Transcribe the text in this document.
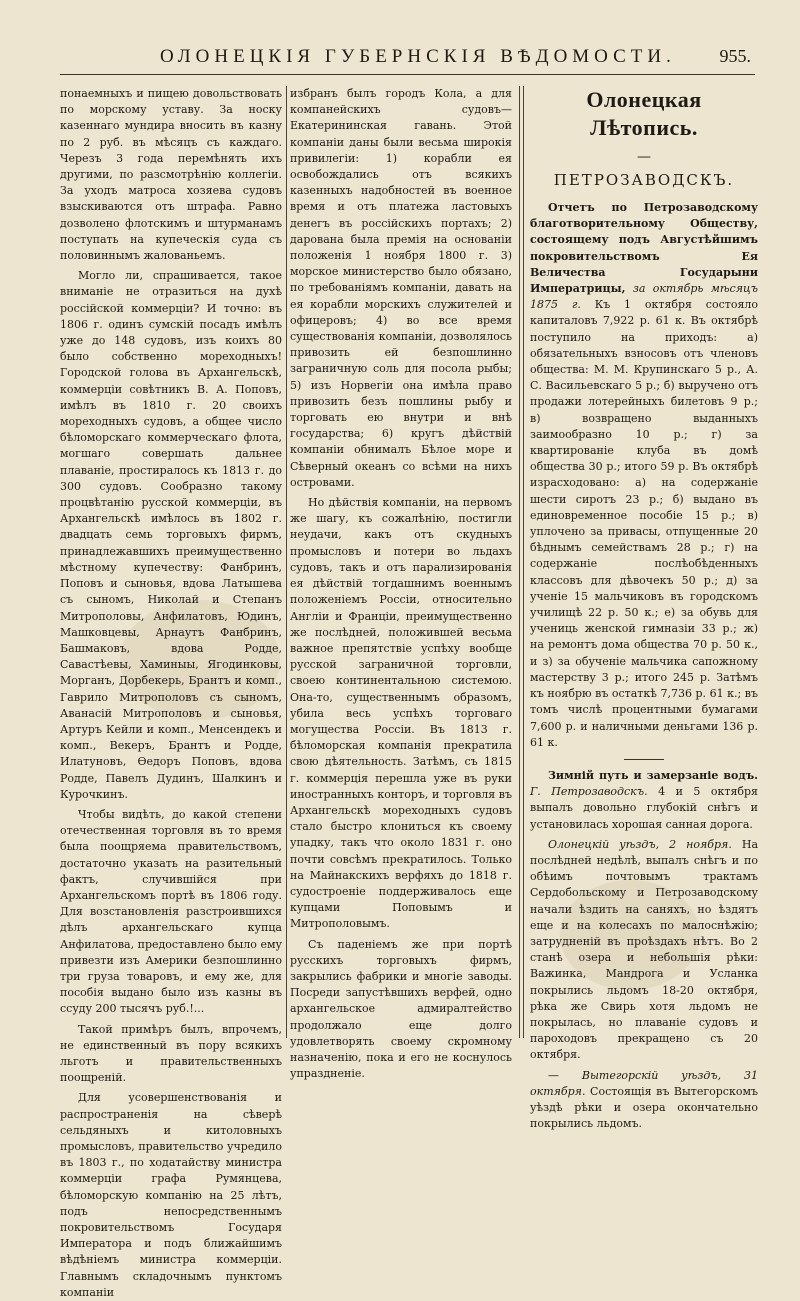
ОЛОНЕЦКІЯ ГУБЕРНСКІЯ ВѢДОМОСТИ. 955.

понаемныхъ и пищею довольствовать по морскому уставу. За носку казеннаго мундира вносить въ казну по 2 руб. въ мѣсяцъ съ каждаго. Черезъ 3 года перемѣнять ихъ другими, по разсмотрѣнію коллегіи. За уходъ матроса хозяева судовъ взыскиваются отъ штрафа. Равно дозволено флотскимъ и штурманамъ поступать на купеческія суда съ половиннымъ жалованьемъ.

Могло ли, спрашивается, такое вниманіе не отразиться на духѣ россійской коммерціи? И точно: въ 1806 г. одинъ сумскій посадъ имѣлъ уже до 148 судовъ, изъ коихъ 80 было собственно мореходныхъ! Городской голова въ Архангельскѣ, коммерціи совѣтникъ В. А. Поповъ, имѣлъ въ 1810 г. 20 своихъ мореходныхъ судовъ, а общее число бѣломорскаго коммерческаго флота, могшаго совершать дальнее плаваніе, простиралось къ 1813 г. до 300 судовъ. Сообразно такому процвѣтанію русской коммерціи, въ Архангельскѣ имѣлось въ 1802 г. двадцать семь торговыхъ фирмъ, принадлежавшихъ преимущественно мѣстному купечеству: Фанбринъ, Поповъ и сыновья, вдова Латышева съ сыномъ, Николай и Степанъ Митрополовы, Анфилатовъ, Юдинъ, Машковцевы, Арнаутъ Фанбринъ, Башмаковъ, вдова Родде, Савастѣевы, Хаминыы, Ягодинковы, Морганъ, Дорбекерь, Брантъ и комп., Гаврило Митрополовъ съ сыномъ, Аванасій Митрополовъ и сыновья, Артуръ Кейли и комп., Менсендекъ и комп., Векеръ, Брантъ и Родде, Илатуновъ, Ѳедоръ Поповъ, вдова Родде, Павелъ Дудинъ, Шалкинъ и Курочкинъ.

Чтобы видѣть, до какой степени отечественная торговля въ то время была поощряема правительствомъ, достаточно указать на разительный фактъ, случившійся при Архангельскомъ портѣ въ 1806 году. Для возстановленія разстроившихся дѣлъ архангельскаго купца Анфилатова, предоставлено было ему привезти изъ Америки безпошлинно три груза товаровъ, и ему же, для пособія выдано было изъ казны въ ссуду 200 тысячъ руб.!...

Такой примѣръ былъ, впрочемъ, не единственный въ пору всякихъ льготъ и правительственныхъ поощреній.

Для усовершенствованія и распространенія на сѣверѣ сельдяныхъ и китоловныхъ промысловъ, правительство учредило въ 1803 г., по ходатайству министра коммерціи графа Румянцева, бѣломорскую компанію на 25 лѣтъ, подъ непосредственнымъ покровительствомъ Государя Императора и подъ ближайшимъ вѣдѣніемъ министра коммерціи. Главнымъ складочнымъ пунктомъ компаніи

избранъ былъ городъ Кола, а для компанейскихъ судовъ—Екатерининская гавань. Этой компаніи даны были весьма широкія привилегіи: 1) корабли ея освобождались отъ всякихъ казенныхъ надобностей въ военное время и отъ платежа ластовыхъ денегъ въ россійскихъ портахъ; 2) дарована была премія на основаніи положенія 1 ноября 1800 г. 3) морское министерство было обязано, по требованіямъ компаніи, давать на ея корабли морскихъ служителей и офицеровъ; 4) во все время существованія компаніи, дозволялось привозить ей безпошлинно заграничную соль для посола рыбы; 5) изъ Норвегіи она имѣла право привозить безъ пошлины рыбу и торговать ею внутри и внѣ государства; 6) кругъ дѣйствій компаніи обнималъ Бѣлое море и Сѣверный океанъ со всѣми на нихъ островами.

Но дѣйствія компаніи, на первомъ же шагу, къ сожалѣнію, постигли неудачи, какъ отъ скудныхъ промысловъ и потери во льдахъ судовъ, такъ и отъ парализированія ея дѣйствій тогдашнимъ военнымъ положеніемъ Россіи, относительно Англіи и Франціи, преимущественно же послѣдней, положившей весьма важное препятствіе успѣху вообще русской заграничной торговли, своею континентальною системою. Она-то, существеннымъ образомъ, убила весь успѣхъ торговаго могущества Россіи. Въ 1813 г. бѣломорская компанія прекратила свою дѣятельность. Затѣмъ, съ 1815 г. коммерція перешла уже въ руки иностранныхъ конторъ, и торговля въ Архангельскѣ мореходныхъ судовъ стало быстро клониться къ своему упадку, такъ что около 1831 г. оно почти совсѣмъ прекратилось. Только на Майнакскихъ верфяхъ до 1818 г. судостроеніе поддерживалось еще купцами Поповымъ и Митрополовымъ.

Съ паденіемъ же при портѣ русскихъ торговыхъ фирмъ, закрылись фабрики и многіе заводы. Посреди запустѣвшихъ верфей, одно архангельское адмиралтейство продолжало еще долго удовлетворять своему скромному назначенію, пока и его не коснулось упраздненіе.

Олонецкая Лѣтопись.
—
ПЕТРОЗАВОДСКЪ.

Отчетъ по Петрозаводскому благотворительному Обществу, состоящему подъ Августѣйшимъ покровительствомъ Ея Величества Государыни Императрицы, за октябрь мѣсяцъ 1875 г. Къ 1 октября состояло капиталовъ 7,922 р. 61 к. Въ октябрѣ поступило на приходъ: а) обязательныхъ взносовъ отъ членовъ общества: М. М. Крупинскаго 5 р., А. С. Васильевскаго 5 р.; б) выручено отъ продажи лотерейныхъ билетовъ 9 р.; в) возвращено выданныхъ заимообразно 10 р.; г) за квартированіе клуба въ домѣ общества 30 р.; итого 59 р. Въ октябрѣ израсходовано: а) на содержаніе шести сиротъ 23 р.; б) выдано въ единовременное пособіе 15 р.; в) уплочено за привасы, отпущенные 20 бѣднымъ семействамъ 28 р.; г) на содержаніе послѣобѣденныхъ классовъ для дѣвочекъ 50 р.; д) за ученіе 15 мальчиковъ въ городскомъ училищѣ 22 р. 50 к.; е) за обувь для учениць женской гимназіи 33 р.; ж) на ремонтъ дома общества 70 р. 50 к., и з) за обученіе мальчика сапожному мастерству 3 р.; итого 245 р. Затѣмъ къ ноябрю въ остаткѣ 7,736 р. 61 к.; въ томъ числѣ процентными бумагами 7,600 р. и наличными деньгами 136 р. 61 к.

Зимній путь и замерзаніе водъ. Г. Петрозаводскъ. 4 и 5 октября выпалъ довольно глубокій снѣгъ и установилась хорошая санная дорога.

Олонецкій уѣздъ, 2 ноября. На послѣдней недѣлѣ, выпалъ снѣгъ и по обѣимъ почтовымъ трактамъ Сердобольскому и Петрозаводскому начали ѣздить на саняхъ, но ѣздятъ еще и на колесахъ по малоснѣжію; затрудненій въ проѣздахъ нѣтъ. Во 2 станѣ озера и небольшія рѣки: Важинка, Мандрога и Усланка покрылись льдомъ 18-20 октября, рѣка же Свирь хотя льдомъ не покрылась, но плаваніе судовъ и пароходовъ прекращено съ 20 октября.

— Вытегорскій уѣздъ, 31 октября. Состоящія въ Вытегорскомъ уѣздѣ рѣки и озера окончательно покрылись льдомъ.
